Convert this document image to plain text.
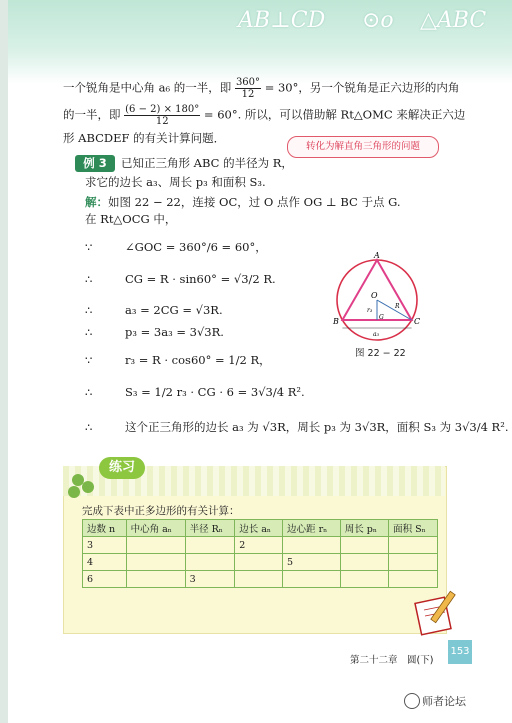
AB⊥CD ⊙o △ABC
一个锐角是中心角 a₆ 的一半，即 $\frac{360^\circ}{12} = 30^\circ$，另一个锐角是正六边形的内角
的一半，即 $\frac{(6 - 2) \times 180^\circ}{12} = 60^\circ$. 所以，可以借助解 Rt△OMC 来解决正六边
形 ABCDEF 的有关计算问题．
转化为解直角三角形的问题
例 3	已知正三角形 ABC 的半径为 R，
求它的边长 a₃、周长 p₃ 和面积 S₃.
解：如图 22 − 22，连接 OC，过 O 点作 OG ⊥ BC 于点 G.
在 Rt△OCG 中，
∵	∠GOC = 360°/6 = 60°，
∴	CG = R · sin60° = √3/2 R.
∴	a₃ = 2CG = √3R.
∴	p₃ = 3a₃ = 3√3R.
∵	r₃ = R · cos60° = 1/2 R，
∴	S₃ = 1/2 r₃ · CG · 6 = 3√3/4 R².
∴	这个正三角形的边长 a₃ 为 √3R，周长 p₃ 为 3√3R，面积 S₃ 为 3√3/4 R².
A
B	C
O
G
r₃
R
a₃
图 22 − 22
练习
完成下表中正多边形的有关计算：
边数 n	中心角 aₙ	半径 Rₙ	边长 aₙ	边心距 rₙ	周长 pₙ	面积 Sₙ
3			2			
4				5		
6		3				
第二十二章　圆(下)
153
师者论坛
